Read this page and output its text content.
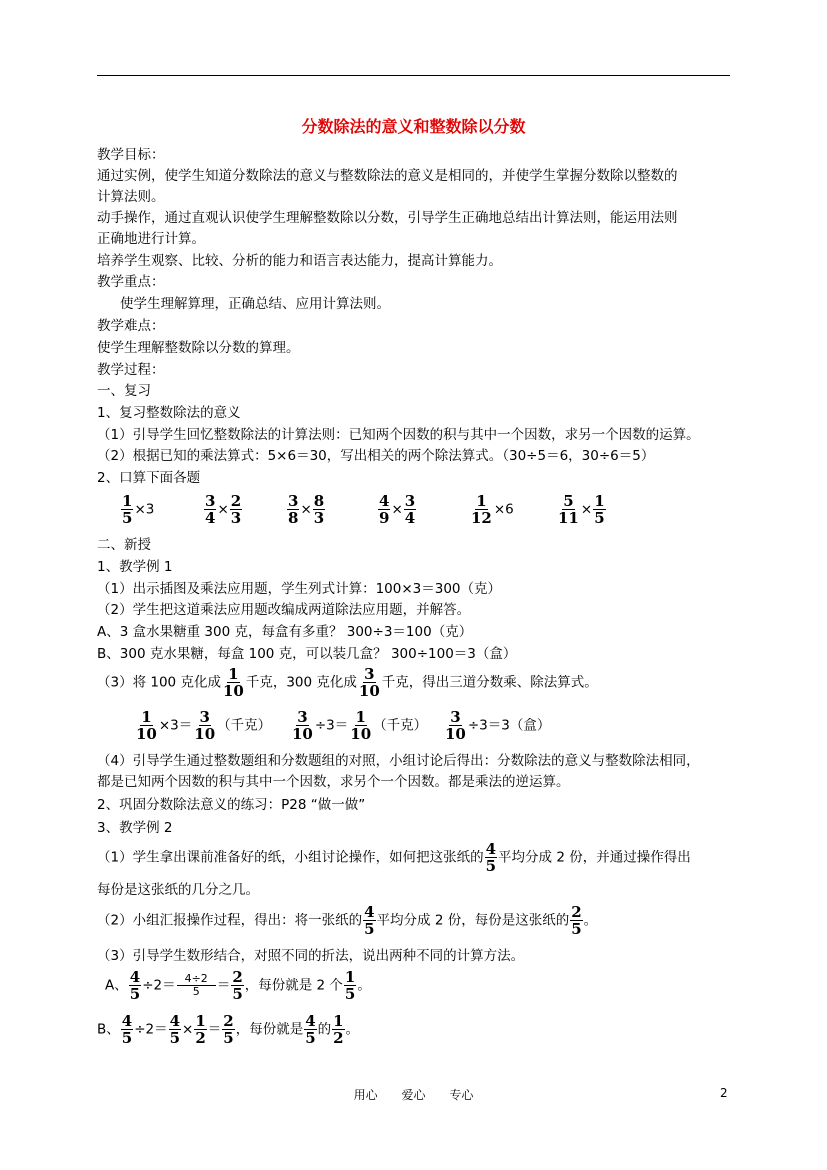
分数除法的意义和整数除以分数
教学目标：
通过实例，使学生知道分数除法的意义与整数除法的意义是相同的，并使学生掌握分数除以整数的
计算法则。
动手操作，通过直观认识使学生理解整数除以分数，引导学生正确地总结出计算法则，能运用法则
正确地进行计算。
培养学生观察、比较、分析的能力和语言表达能力，提高计算能力。
教学重点：
使学生理解算理，正确总结、应用计算法则。
教学难点：
使学生理解整数除以分数的算理。
教学过程：
一、复习
1、复习整数除法的意义
（1）引导学生回忆整数除法的计算法则：已知两个因数的积与其中一个因数，求另一个因数的运算。
（2）根据已知的乘法算式：5×6＝30，写出相关的两个除法算式。（30÷5＝6，30÷6＝5）
2、口算下面各题
$\frac{1}{5} \times 3$	$\frac{3}{4} \times \frac{2}{3}$	$\frac{3}{8} \times \frac{8}{3}$	$\frac{4}{9} \times \frac{3}{4}$	$\frac{1}{12} \times 6$	$\frac{5}{11} \times \frac{1}{5}$
二、新授
1、教学例 1
（1）出示插图及乘法应用题，学生列式计算：100×3＝300（克）
（2）学生把这道乘法应用题改编成两道除法应用题，并解答。
A、3 盒水果糖重 300 克，每盒有多重？ 300÷3＝100（克）
B、300 克水果糖，每盒 100 克，可以装几盒？ 300÷100＝3（盒）
（3）将 100 克化成 $\frac{1}{10}$ 千克，300 克化成 $\frac{3}{10}$ 千克，得出三道分数乘、除法算式。
$\frac{1}{10} \times 3= \frac{3}{10}$ （千克） $\frac{3}{10} \div 3= \frac{1}{10}$ （千克） $\frac{3}{10} \div 3=3$（盒）
（4）引导学生通过整数题组和分数题组的对照，小组讨论后得出：分数除法的意义与整数除法相同，
都是已知两个因数的积与其中一个因数，求另个一个因数。都是乘法的逆运算。
2、巩固分数除法意义的练习：P28 “做一做”
3、教学例 2
（1）学生拿出课前准备好的纸，小组讨论操作，如何把这张纸的 $\frac{4}{5}$ 平均分成 2 份，并通过操作得出
每份是这张纸的几分之几。
（2）小组汇报操作过程，得出：将一张纸的 $\frac{4}{5}$ 平均分成 2 份，每份是这张纸的 $\frac{2}{5}$ 。
（3）引导学生数形结合，对照不同的折法，说出两种不同的计算方法。
A、 $\frac{4}{5} \div 2= \frac{4\div 2}{5} = \frac{2}{5}$ ，每份就是 2 个 $\frac{1}{5}$ 。
B、 $\frac{4}{5} \div 2= \frac{4}{5} \times \frac{1}{2} = \frac{2}{5}$ ，每份就是 $\frac{4}{5}$ 的 $\frac{1}{2}$ 。
用心 爱心 专心	2
